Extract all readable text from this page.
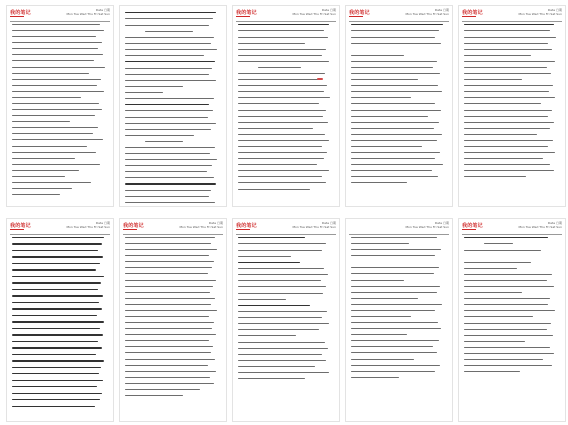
我的笔记	Date 日期
Mon Tue Wed Thu Fri Sat Sun	我的笔记	Date 日期
Mon Tue Wed Thu Fri Sat Sun	我的笔记	Date 日期
Mon Tue Wed Thu Fri Sat Sun	我的笔记	Date 日期
Mon Tue Wed Thu Fri Sat Sun
我的笔记	Date 日期
Mon Tue Wed Thu Fri Sat Sun	我的笔记	Date 日期
Mon Tue Wed Thu Fri Sat Sun	我的笔记	Date 日期
Mon Tue Wed Thu Fri Sat Sun
Date 日期
Mon Tue Wed Thu Fri Sat Sun	我的笔记	Date 日期
Mon Tue Wed Thu Fri Sat Sun
